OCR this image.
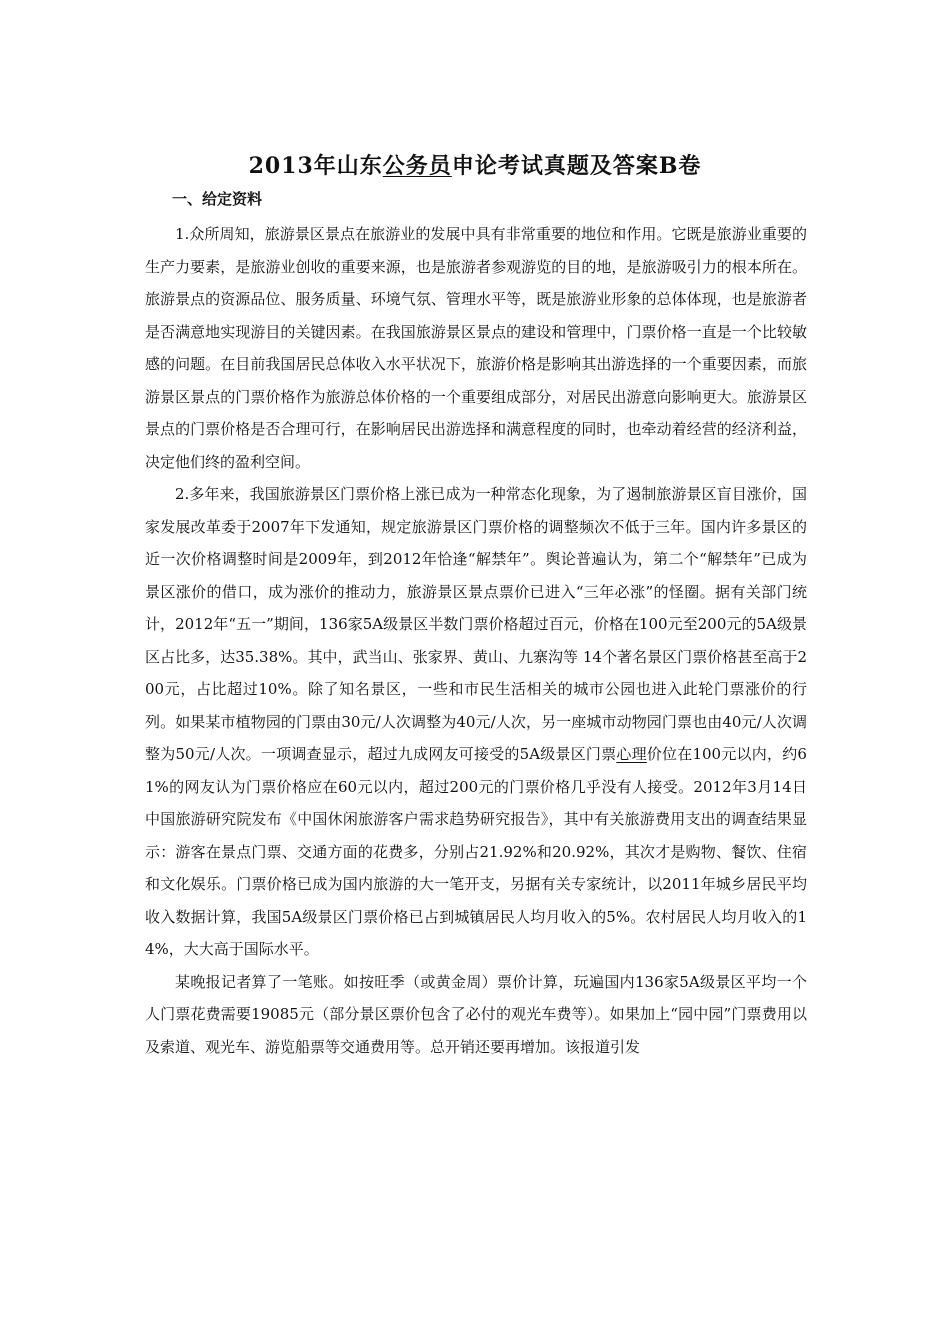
2013年山东公务员申论考试真题及答案B卷
一、给定资料

1.众所周知，旅游景区景点在旅游业的发展中具有非常重要的地位和作用。它既是旅游业重要的生产力要素，是旅游业创收的重要来源，也是旅游者参观游览的目的地，是旅游吸引力的根本所在。旅游景点的资源品位、服务质量、环境气氛、管理水平等，既是旅游业形象的总体体现，也是旅游者是否满意地实现游目的关键因素。在我国旅游景区景点的建设和管理中，门票价格一直是一个比较敏感的问题。在目前我国居民总体收入水平状况下，旅游价格是影响其出游选择的一个重要因素，而旅游景区景点的门票价格作为旅游总体价格的一个重要组成部分，对居民出游意向影响更大。旅游景区景点的门票价格是否合理可行，在影响居民出游选择和满意程度的同时，也牵动着经营的经济利益，决定他们终的盈利空间。

2.多年来，我国旅游景区门票价格上涨已成为一种常态化现象，为了遏制旅游景区盲目涨价，国家发展改革委于2007年下发通知，规定旅游景区门票价格的调整频次不低于三年。国内许多景区的近一次价格调整时间是2009年，到2012年恰逢“解禁年”。舆论普遍认为，第二个“解禁年”已成为景区涨价的借口，成为涨价的推动力，旅游景区景点票价已进入“三年必涨”的怪圈。据有关部门统计，2012年“五一”期间，136家5A级景区半数门票价格超过百元，价格在100元至200元的5A级景区占比多，达35.38%。其中，武当山、张家界、黄山、九寨沟等 14个著名景区门票价格甚至高于200元，占比超过10%。除了知名景区，一些和市民生活相关的城市公园也进入此轮门票涨价的行列。如果某市植物园的门票由30元/人次调整为40元/人次，另一座城市动物园门票也由40元/人次调整为50元/人次。一项调查显示，超过九成网友可接受的5A级景区门票心理价位在100元以内，约61%的网友认为门票价格应在60元以内，超过200元的门票价格几乎没有人接受。2012年3月14日中国旅游研究院发布《中国休闲旅游客户需求趋势研究报告》，其中有关旅游费用支出的调查结果显示：游客在景点门票、交通方面的花费多，分别占21.92%和20.92%，其次才是购物、餐饮、住宿和文化娱乐。门票价格已成为国内旅游的大一笔开支，另据有关专家统计，以2011年城乡居民平均收入数据计算，我国5A级景区门票价格已占到城镇居民人均月收入的5%。农村居民人均月收入的14%，大大高于国际水平。

某晚报记者算了一笔账。如按旺季（或黄金周）票价计算，玩遍国内136家5A级景区平均一个人门票花费需要19085元（部分景区票价包含了必付的观光车费等）。如果加上“园中园”门票费用以及索道、观光车、游览船票等交通费用等。总开销还要再增加。该报道引发
